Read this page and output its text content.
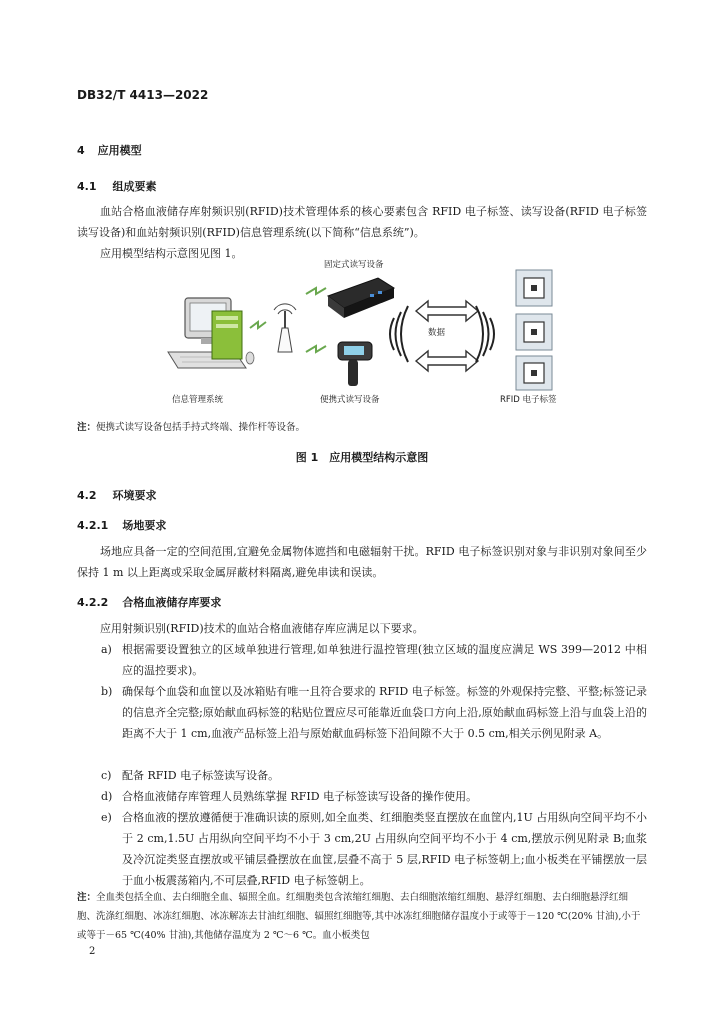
DB32/T 4413—2022
4 应用模型
4.1 组成要素
血站合格血液储存库射频识别(RFID)技术管理体系的核心要素包含 RFID 电子标签、读写设备(RFID 电子标签读写设备)和血站射频识别(RFID)信息管理系统(以下简称“信息系统”)。
应用模型结构示意图见图 1。
固定式读写设备
数据
信息管理系统	便携式读写设备	RFID 电子标签
注：便携式读写设备包括手持式终端、操作杆等设备。
图 1　应用模型结构示意图
4.2 环境要求
4.2.1 场地要求
场地应具备一定的空间范围,宜避免金属物体遮挡和电磁辐射干扰。RFID 电子标签识别对象与非识别对象间至少保持 1 m 以上距离或采取金属屏蔽材料隔离,避免串读和误读。
4.2.2 合格血液储存库要求
应用射频识别(RFID)技术的血站合格血液储存库应满足以下要求。
a) 根据需要设置独立的区域单独进行管理,如单独进行温控管理(独立区域的温度应满足 WS 399—2012 中相应的温控要求)。
b) 确保每个血袋和血筐以及冰箱贴有唯一且符合要求的 RFID 电子标签。标签的外观保持完整、平整;标签记录的信息齐全完整;原始献血码标签的粘贴位置应尽可能靠近血袋口方向上沿,原始献血码标签上沿与血袋上沿的距离不大于 1 cm,血液产品标签上沿与原始献血码标签下沿间隙不大于 0.5 cm,相关示例见附录 A。
c) 配备 RFID 电子标签读写设备。
d) 合格血液储存库管理人员熟练掌握 RFID 电子标签读写设备的操作使用。
e) 合格血液的摆放遵循便于准确识读的原则,如全血类、红细胞类竖直摆放在血筐内,1U 占用纵向空间平均不小于 2 cm,1.5U 占用纵向空间平均不小于 3 cm,2U 占用纵向空间平均不小于 4 cm,摆放示例见附录 B;血浆及冷沉淀类竖直摆放或平铺层叠摆放在血筐,层叠不高于 5 层,RFID 电子标签朝上;血小板类在平铺摆放一层于血小板震荡箱内,不可层叠,RFID 电子标签朝上。
注：全血类包括全血、去白细胞全血、辐照全血。红细胞类包含浓缩红细胞、去白细胞浓缩红细胞、悬浮红细胞、去白细胞悬浮红细胞、洗涤红细胞、冰冻红细胞、冰冻解冻去甘油红细胞、辐照红细胞等,其中冰冻红细胞储存温度小于或等于－120 ℃(20% 甘油),小于或等于－65 ℃(40% 甘油),其他储存温度为 2 ℃～6 ℃。血小板类包
2
